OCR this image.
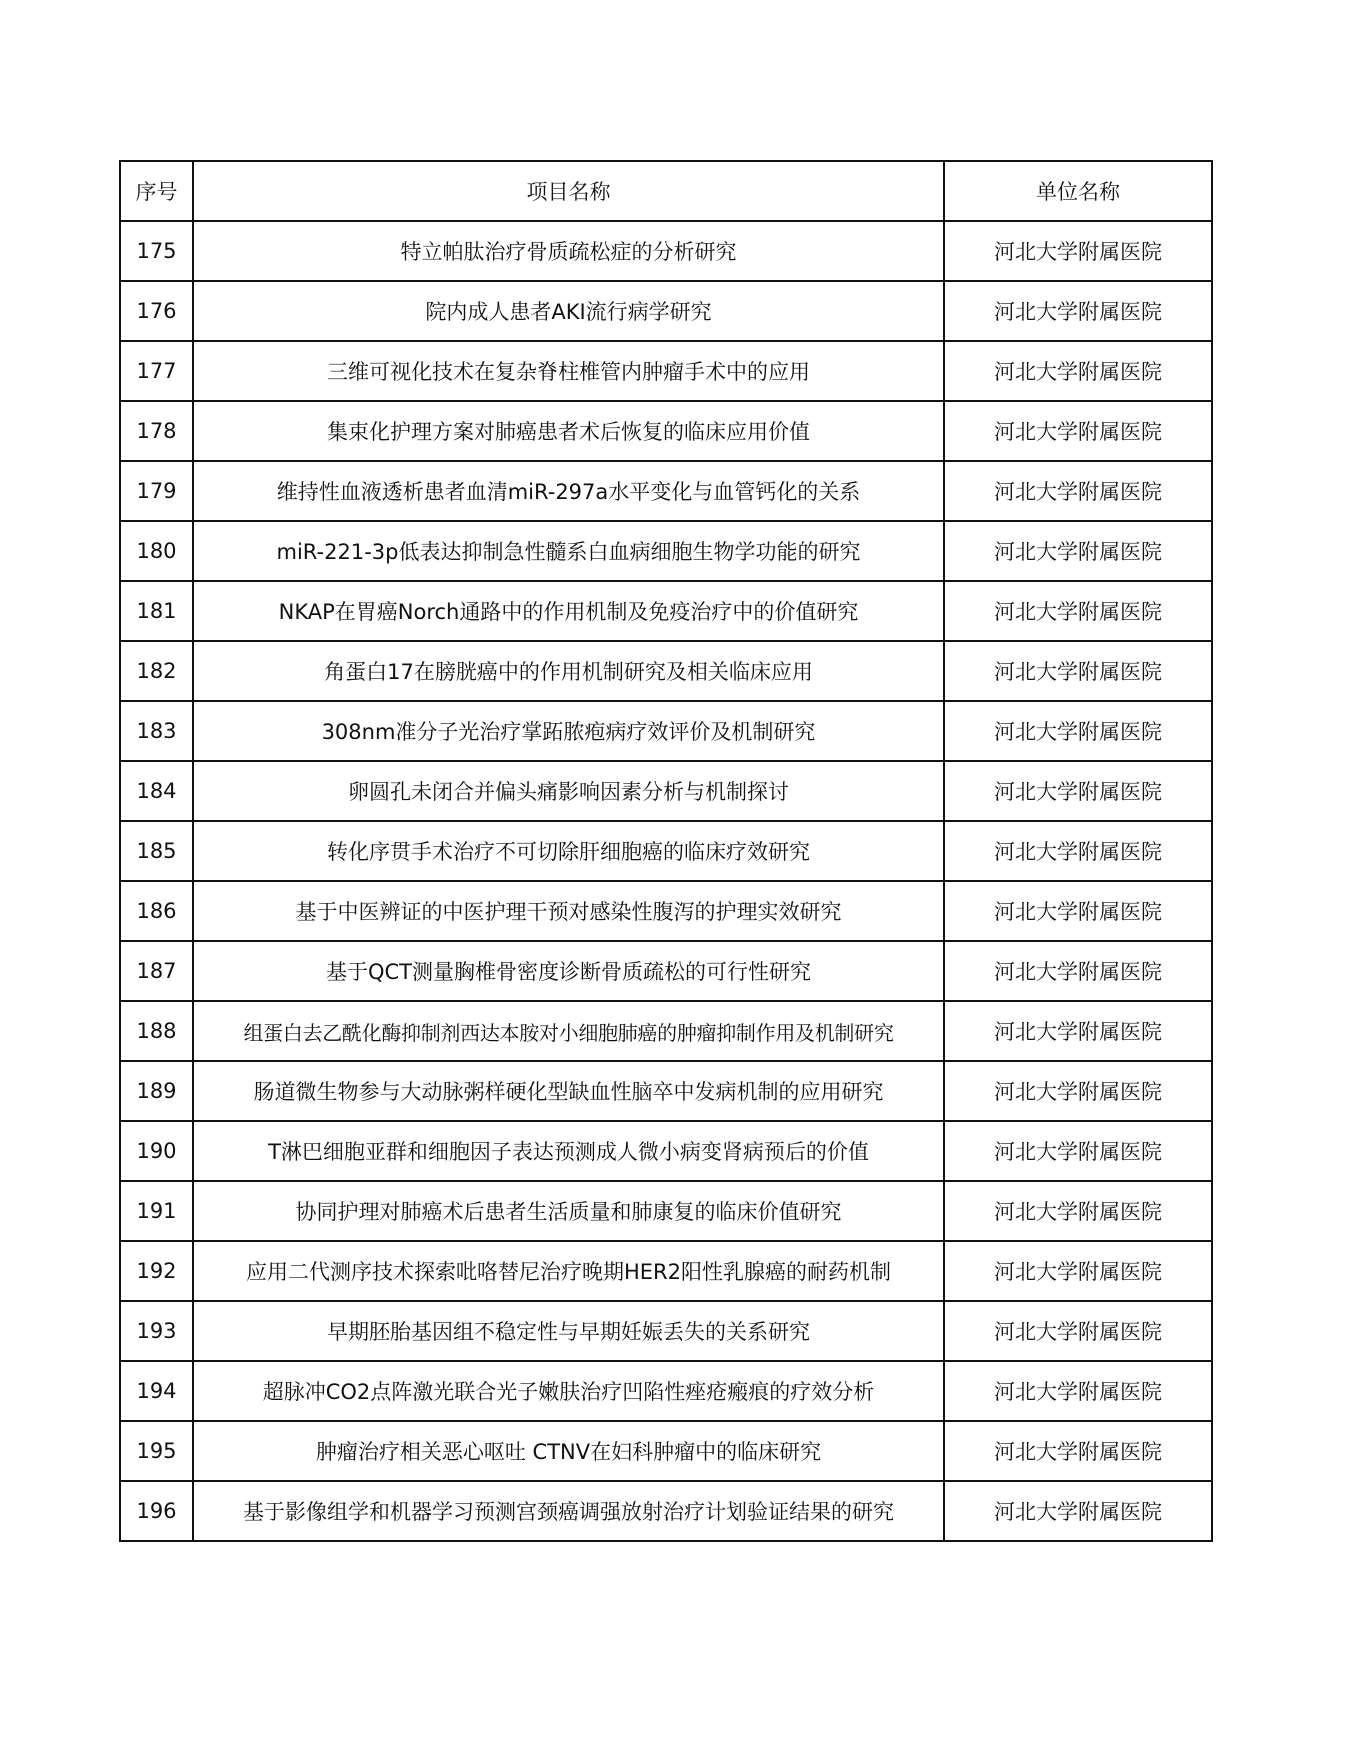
序号	项目名称	单位名称
175	特立帕肽治疗骨质疏松症的分析研究	河北大学附属医院
176	院内成人患者AKI流行病学研究	河北大学附属医院
177	三维可视化技术在复杂脊柱椎管内肿瘤手术中的应用	河北大学附属医院
178	集束化护理方案对肺癌患者术后恢复的临床应用价值	河北大学附属医院
179	维持性血液透析患者血清miR-297a水平变化与血管钙化的关系	河北大学附属医院
180	miR-221-3p低表达抑制急性髓系白血病细胞生物学功能的研究	河北大学附属医院
181	NKAP在胃癌Norch通路中的作用机制及免疫治疗中的价值研究	河北大学附属医院
182	角蛋白17在膀胱癌中的作用机制研究及相关临床应用	河北大学附属医院
183	308nm准分子光治疗掌跖脓疱病疗效评价及机制研究	河北大学附属医院
184	卵圆孔未闭合并偏头痛影响因素分析与机制探讨	河北大学附属医院
185	转化序贯手术治疗不可切除肝细胞癌的临床疗效研究	河北大学附属医院
186	基于中医辨证的中医护理干预对感染性腹泻的护理实效研究	河北大学附属医院
187	基于QCT测量胸椎骨密度诊断骨质疏松的可行性研究	河北大学附属医院
188	组蛋白去乙酰化酶抑制剂西达本胺对小细胞肺癌的肿瘤抑制作用及机制研究	河北大学附属医院
189	肠道微生物参与大动脉粥样硬化型缺血性脑卒中发病机制的应用研究	河北大学附属医院
190	T淋巴细胞亚群和细胞因子表达预测成人微小病变肾病预后的价值	河北大学附属医院
191	协同护理对肺癌术后患者生活质量和肺康复的临床价值研究	河北大学附属医院
192	应用二代测序技术探索吡咯替尼治疗晚期HER2阳性乳腺癌的耐药机制	河北大学附属医院
193	早期胚胎基因组不稳定性与早期妊娠丢失的关系研究	河北大学附属医院
194	超脉冲CO2点阵激光联合光子嫩肤治疗凹陷性痤疮瘢痕的疗效分析	河北大学附属医院
195	肿瘤治疗相关恶心呕吐 CTNV在妇科肿瘤中的临床研究	河北大学附属医院
196	基于影像组学和机器学习预测宫颈癌调强放射治疗计划验证结果的研究	河北大学附属医院
